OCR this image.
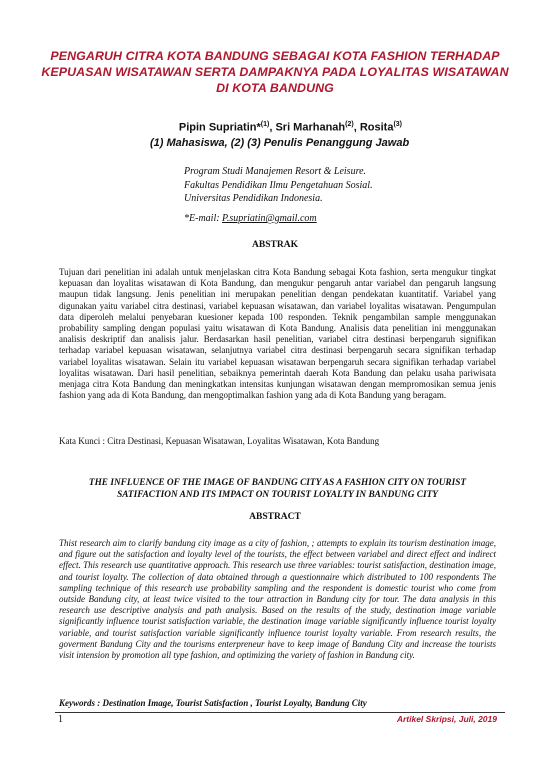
PENGARUH CITRA KOTA BANDUNG SEBAGAI KOTA FASHION TERHADAP KEPUASAN WISATAWAN SERTA DAMPAKNYA PADA LOYALITAS WISATAWAN DI KOTA BANDUNG
Pipin Supriatin*$^{(1)}$, Sri Marhanah$^{(2)}$, Rosita$^{(3)}$
(1) Mahasiswa, (2) (3) Penulis Penanggung Jawab
Program Studi Manajemen Resort & Leisure.
Fakultas Pendidikan Ilmu Pengetahuan Sosial.
Universitas Pendidikan Indonesia.
*E-mail: P.supriatin@gmail.com
ABSTRAK
Tujuan dari penelitian ini adalah untuk menjelaskan citra Kota Bandung sebagai Kota fashion, serta mengukur tingkat kepuasan dan loyalitas wisatawan di Kota Bandung, dan mengukur pengaruh antar variabel dan pengaruh langsung maupun tidak langsung. Jenis penelitian ini merupakan penelitian dengan pendekatan kuantitatif. Variabel yang digunakan yaitu variabel citra destinasi, variabel kepuasan wisatawan, dan variabel loyalitas wisatawan. Pengumpulan data diperoleh melalui penyebaran kuesioner kepada 100 responden. Teknik pengambilan sample menggunakan probability sampling dengan populasi yaitu wisatawan di Kota Bandung. Analisis data penelitian ini menggunakan analisis deskriptif dan analisis jalur. Berdasarkan hasil penelitian, variabel citra destinasi berpengaruh signifikan terhadap variabel kepuasan wisatawan, selanjutnya variabel citra destinasi berpengaruh secara signifikan terhadap variabel loyalitas wisatawan. Selain itu variabel kepuasan wisatawan berpengaruh secara signifikan terhadap variabel loyalitas wisatawan. Dari hasil penelitian, sebaiknya pemerintah daerah Kota Bandung dan pelaku usaha pariwisata menjaga citra Kota Bandung dan meningkatkan intensitas kunjungan wisatawan dengan mempromosikan semua jenis fashion yang ada di Kota Bandung, dan mengoptimalkan fashion yang ada di Kota Bandung yang beragam.
Kata Kunci : Citra Destinasi, Kepuasan Wisatawan, Loyalitas Wisatawan, Kota Bandung
THE INFLUENCE OF THE IMAGE OF BANDUNG CITY AS A FASHION CITY ON TOURIST SATIFACTION AND ITS IMPACT ON TOURIST LOYALTY IN BANDUNG CITY
ABSTRACT
Thist research aim to clarify bandung city image as a city of fashion, ; attempts to explain its tourism destination image, and figure out the satisfaction and loyalty level of the tourists, the effect between variabel and direct effect and indirect effect. This research use quantitative approach. This research use three variables: tourist satisfaction, destination image, and tourist loyalty. The collection of data obtained through a questionnaire which distributed to 100 respondents The sampling technique of this research use probability sampling and the respondent is domestic tourist who come from outside Bandung city, at least twice visited to the tour attraction in Bandung city for tour. The data analysis in this research use descriptive analysis and path analysis. Based on the results of the study, destination image variable significantly influence tourist satisfaction variable, the destination image variable significantly influence tourist loyalty variable, and tourist satisfaction variable significantly influence tourist loyalty variable. From research results, the goverment Bandung City and the tourisms enterpreneur have to keep image of Bandung City and increase the tourists visit intension by promotion all type fashion, and optimizing the variety of fashion in Bandung city.
Keywords : Destination Image, Tourist Satisfaction , Tourist Loyalty, Bandung City
1	Artikel Skripsi, Juli, 2019
